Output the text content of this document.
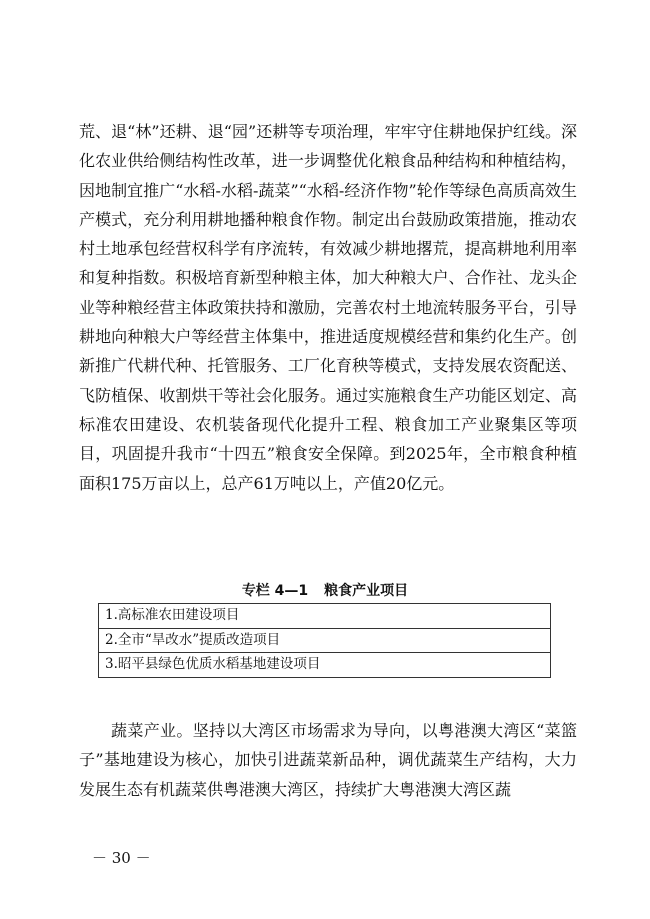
荒、退“林”还耕、退“园”还耕等专项治理，牢牢守住耕地保护红线。深化农业供给侧结构性改革，进一步调整优化粮食品种结构和种植结构，因地制宜推广“水稻-水稻-蔬菜”“水稻-经济作物”轮作等绿色高质高效生产模式，充分利用耕地播种粮食作物。制定出台鼓励政策措施，推动农村土地承包经营权科学有序流转，有效减少耕地撂荒，提高耕地利用率和复种指数。积极培育新型种粮主体，加大种粮大户、合作社、龙头企业等种粮经营主体政策扶持和激励，完善农村土地流转服务平台，引导耕地向种粮大户等经营主体集中，推进适度规模经营和集约化生产。创新推广代耕代种、托管服务、工厂化育秧等模式，支持发展农资配送、飞防植保、收割烘干等社会化服务。通过实施粮食生产功能区划定、高标准农田建设、农机装备现代化提升工程、粮食加工产业聚集区等项目，巩固提升我市“十四五”粮食安全保障。到2025年，全市粮食种植面积175万亩以上，总产61万吨以上，产值20亿元。

专栏 4—1 粮食产业项目
1.高标准农田建设项目
2.全市“旱改水”提质改造项目
3.昭平县绿色优质水稻基地建设项目

蔬菜产业。坚持以大湾区市场需求为导向，以粤港澳大湾区“菜篮子”基地建设为核心，加快引进蔬菜新品种，调优蔬菜生产结构，大力发展生态有机蔬菜供粤港澳大湾区，持续扩大粤港澳大湾区蔬

－ 30 －
